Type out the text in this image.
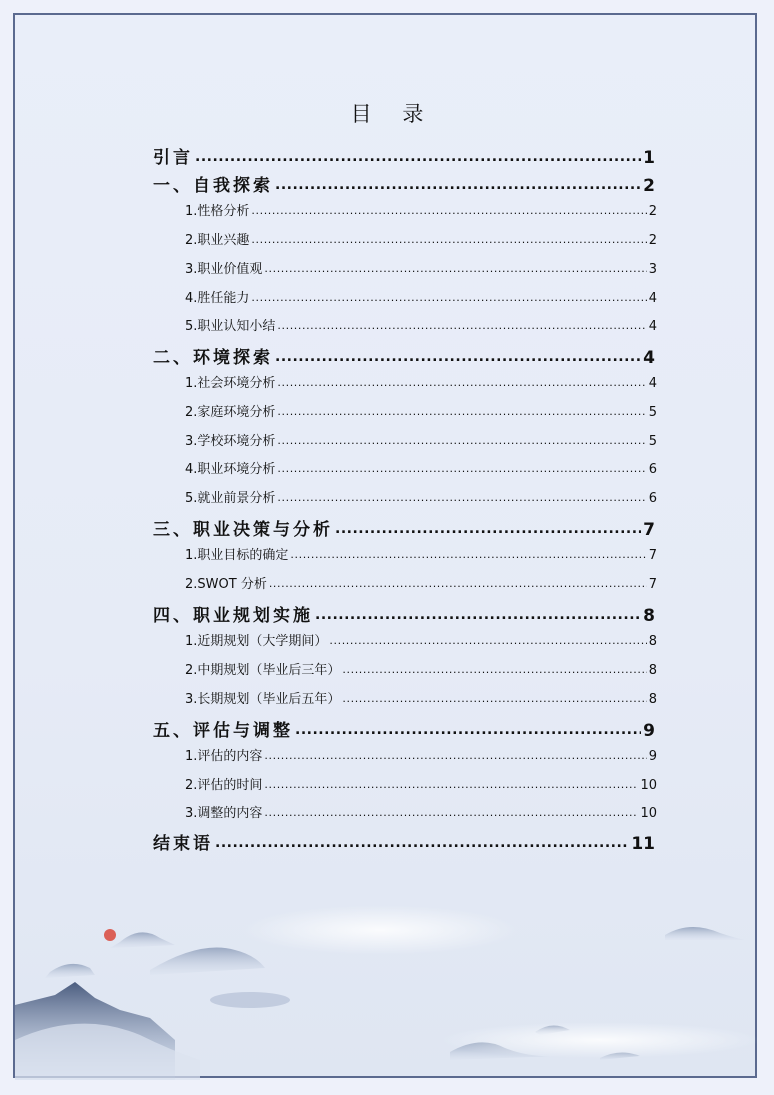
目 录
引言 .....	1
一、自我探索 .....	2
1.性格分析 .....	2
2.职业兴趣 .....	2
3.职业价值观 .....	3
4.胜任能力 .....	4
5.职业认知小结 .....	4
二、环境探索 .....	4
1.社会环境分析 .....	4
2.家庭环境分析 .....	5
3.学校环境分析 .....	5
4.职业环境分析 .....	6
5.就业前景分析 .....	6
三、职业决策与分析 .....	7
1.职业目标的确定 .....	7
2.SWOT 分析 .....	7
四、职业规划实施 .....	8
1.近期规划（大学期间） .....	8
2.中期规划（毕业后三年） .....	8
3.长期规划（毕业后五年） .....	8
五、评估与调整 .....	9
1.评估的内容 .....	9
2.评估的时间 .....	10
3.调整的内容 .....	10
结束语 .....	11
